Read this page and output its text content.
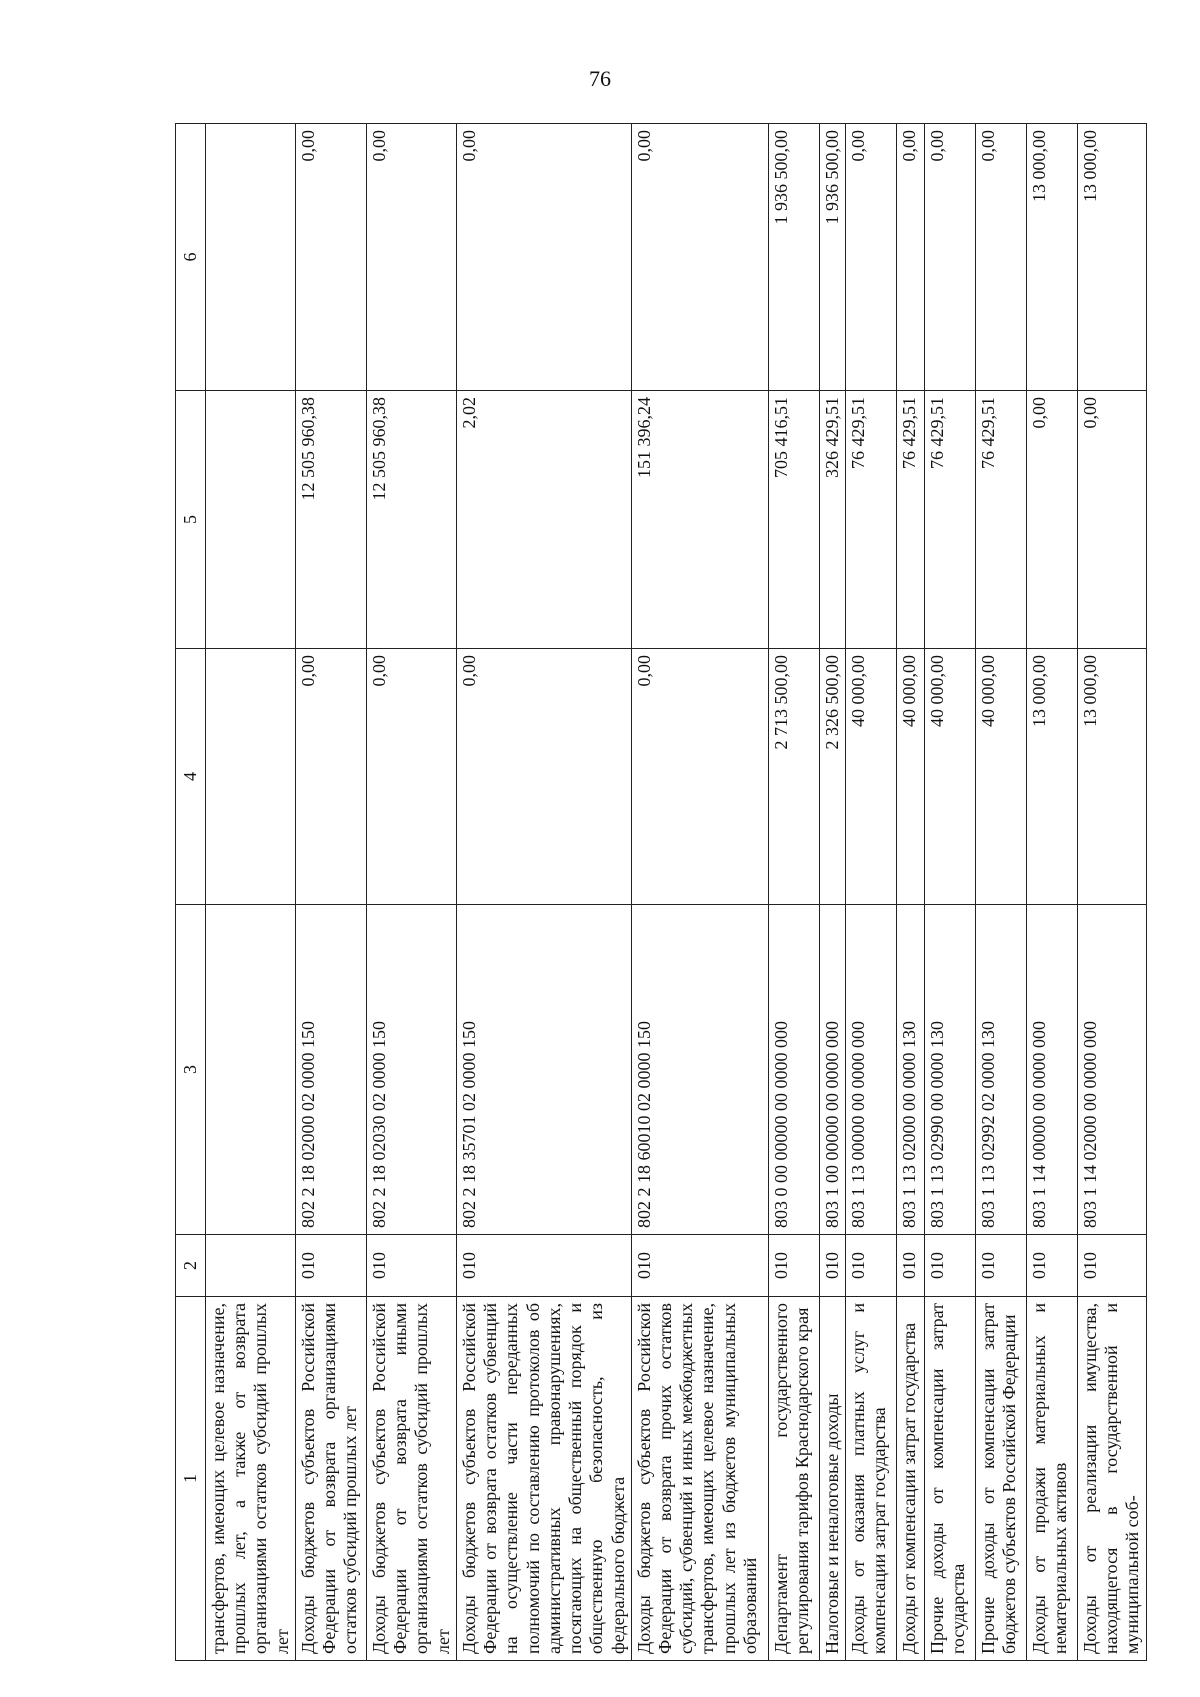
76
1	2	3	4	5	6
трансфертов, имеющих целевое назначение, прошлых лет, а также от возврата организациями остатков субсидий прошлых лет					
Доходы бюджетов субъектов Российской Федерации от возврата организациями остатков субсидий прошлых лет	010	802 2 18 02000 02 0000 150	0,00	12 505 960,38	0,00
Доходы бюджетов субъектов Российской Федерации от возврата иными организациями остатков субсидий прошлых лет	010	802 2 18 02030 02 0000 150	0,00	12 505 960,38	0,00
Доходы бюджетов субъектов Российской Федерации от возврата остатков субвенций на осуществление части переданных полномочий по составлению протоколов об административных правонарушениях, посягающих на общественный порядок и общественную безопасность, из федерального бюджета	010	802 2 18 35701 02 0000 150	0,00	2,02	0,00
Доходы бюджетов субъектов Российской Федерации от возврата прочих остатков субсидий, субвенций и иных межбюджетных трансфертов, имеющих целевое назначение, прошлых лет из бюджетов муниципальных образований	010	802 2 18 60010 02 0000 150	0,00	151 396,24	0,00
Департамент государственного регулирования тарифов Краснодарского края	010	803 0 00 00000 00 0000 000	2 713 500,00	705 416,51	1 936 500,00
Налоговые и неналоговые доходы	010	803 1 00 00000 00 0000 000	2 326 500,00	326 429,51	1 936 500,00
Доходы от оказания платных услуг и компенсации затрат государства	010	803 1 13 00000 00 0000 000	40 000,00	76 429,51	0,00
Доходы от компенсации затрат государства	010	803 1 13 02000 00 0000 130	40 000,00	76 429,51	0,00
Прочие доходы от компенсации затрат государства	010	803 1 13 02990 00 0000 130	40 000,00	76 429,51	0,00
Прочие доходы от компенсации затрат бюджетов субъектов Российской Федерации	010	803 1 13 02992 02 0000 130	40 000,00	76 429,51	0,00
Доходы от продажи материальных и нематериальных активов	010	803 1 14 00000 00 0000 000	13 000,00	0,00	13 000,00
Доходы от реализации имущества, находящегося в государственной и муниципальной соб-	010	803 1 14 02000 00 0000 000	13 000,00	0,00	13 000,00
